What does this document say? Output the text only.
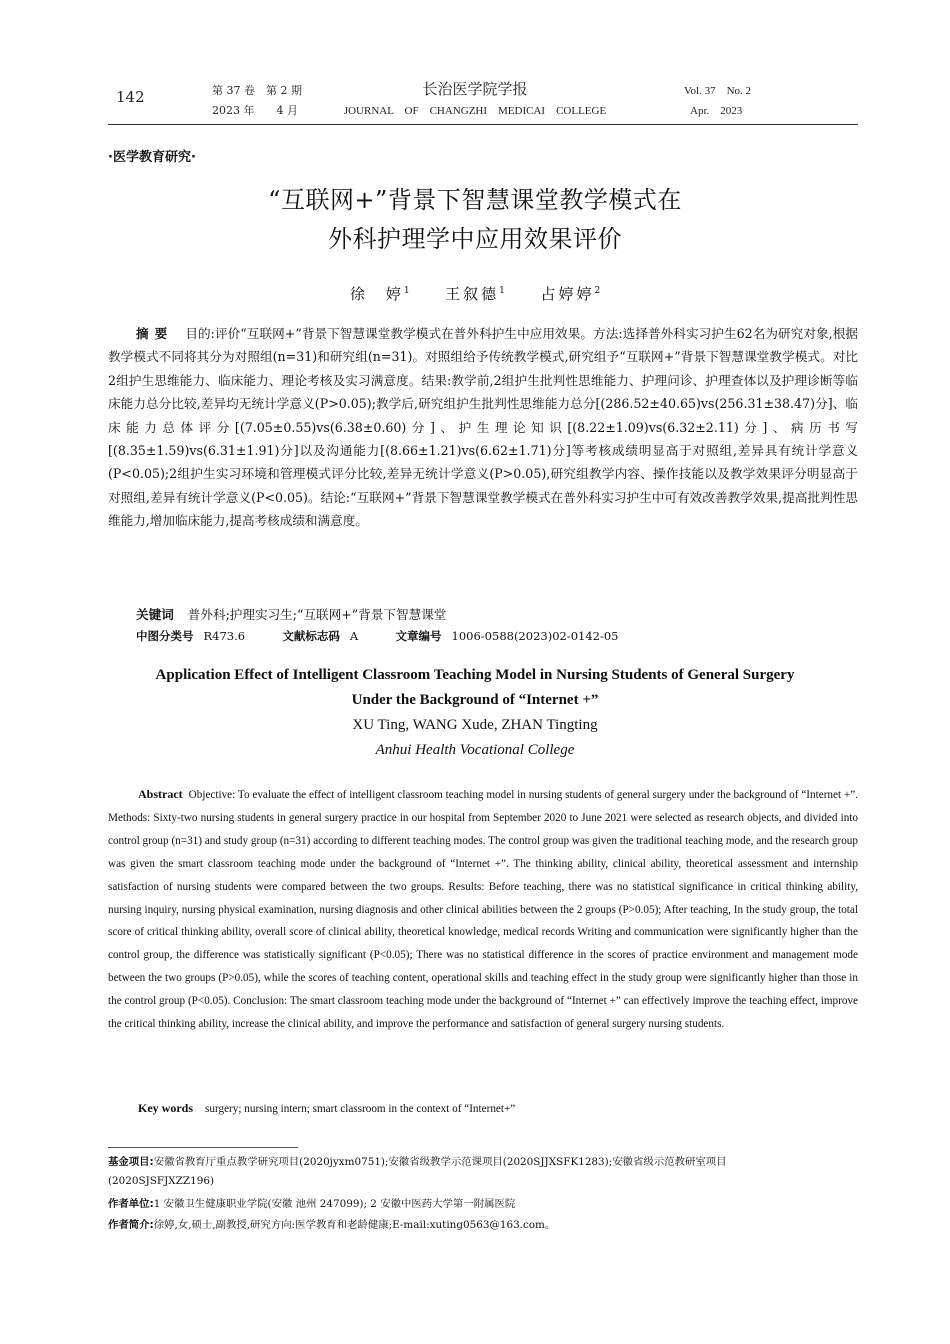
142	第 37 卷　第 2 期
2023 年　　4 月
长治医学院学报
JOURNAL　OF　CHANGZHI　MEDICAI　COLLEGE
Vol. 37　No. 2
Apr.　2023
·医学教育研究·
“互联网+”背景下智慧课堂教学模式在
外科护理学中应用效果评价
徐　婷$^1$ 王叙德$^1$ 占婷婷$^2$
摘要 目的:评价“互联网+”背景下智慧课堂教学模式在普外科护生中应用效果。方法:选择普外科实习护生62名为研究对象,根据教学模式不同将其分为对照组(n=31)和研究组(n=31)。对照组给予传统教学模式,研究组予“互联网+”背景下智慧课堂教学模式。对比2组护生思维能力、临床能力、理论考核及实习满意度。结果:教学前,2组护生批判性思维能力、护理问诊、护理查体以及护理诊断等临床能力总分比较,差异均无统计学意义(P>0.05);教学后,研究组护生批判性思维能力总分[(286.52±40.65)vs(256.31±38.47)分]、临床能力总体评分[(7.05±0.55)vs(6.38±0.60)分]、护生理论知识[(8.22±1.09)vs(6.32±2.11)分]、病历书写[(8.35±1.59)vs(6.31±1.91)分]以及沟通能力[(8.66±1.21)vs(6.62±1.71)分]等考核成绩明显高于对照组,差异具有统计学意义(P<0.05);2组护生实习环境和管理模式评分比较,差异无统计学意义(P>0.05),研究组教学内容、操作技能以及教学效果评分明显高于对照组,差异有统计学意义(P<0.05)。结论:“互联网+”背景下智慧课堂教学模式在普外科实习护生中可有效改善教学效果,提高批判性思维能力,增加临床能力,提高考核成绩和满意度。
关键词 普外科;护理实习生;“互联网+”背景下智慧课堂
中图分类号 R473.6	文献标志码 A	文章编号 1006-0588(2023)02-0142-05
Application Effect of Intelligent Classroom Teaching Model in Nursing Students of General Surgery
Under the Background of “Internet +”
XU Ting, WANG Xude, ZHAN Tingting
Anhui Health Vocational College
Abstract Objective: To evaluate the effect of intelligent classroom teaching model in nursing students of general surgery under the background of “Internet +”. Methods: Sixty-two nursing students in general surgery practice in our hospital from September 2020 to June 2021 were selected as research objects, and divided into control group (n=31) and study group (n=31) according to different teaching modes. The control group was given the traditional teaching mode, and the research group was given the smart classroom teaching mode under the background of “Internet +”. The thinking ability, clinical ability, theoretical assessment and internship satisfaction of nursing students were compared between the two groups. Results: Before teaching, there was no statistical significance in critical thinking ability, nursing inquiry, nursing physical examination, nursing diagnosis and other clinical abilities between the 2 groups (P>0.05); After teaching, In the study group, the total score of critical thinking ability, overall score of clinical ability, theoretical knowledge, medical records Writing and communication were significantly higher than the control group, the difference was statistically significant (P<0.05); There was no statistical difference in the scores of practice environment and management mode between the two groups (P>0.05), while the scores of teaching content, operational skills and teaching effect in the study group were significantly higher than those in the control group (P<0.05). Conclusion: The smart classroom teaching mode under the background of “Internet +” can effectively improve the teaching effect, improve the critical thinking ability, increase the clinical ability, and improve the performance and satisfaction of general surgery nursing students.
Key words surgery; nursing intern; smart classroom in the context of “Internet+”
基金项目:安徽省教育厅重点教学研究项目(2020jyxm0751);安徽省级教学示范课项目(2020SJJXSFK1283);安徽省级示范教研室项目
(2020SJSFJXZZ196)
作者单位:1 安徽卫生健康职业学院(安徽 池州 247099); 2 安徽中医药大学第一附属医院
作者简介:徐婷,女,硕士,副教授,研究方向:医学教育和老龄健康;E-mail:xuting0563@163.com。
